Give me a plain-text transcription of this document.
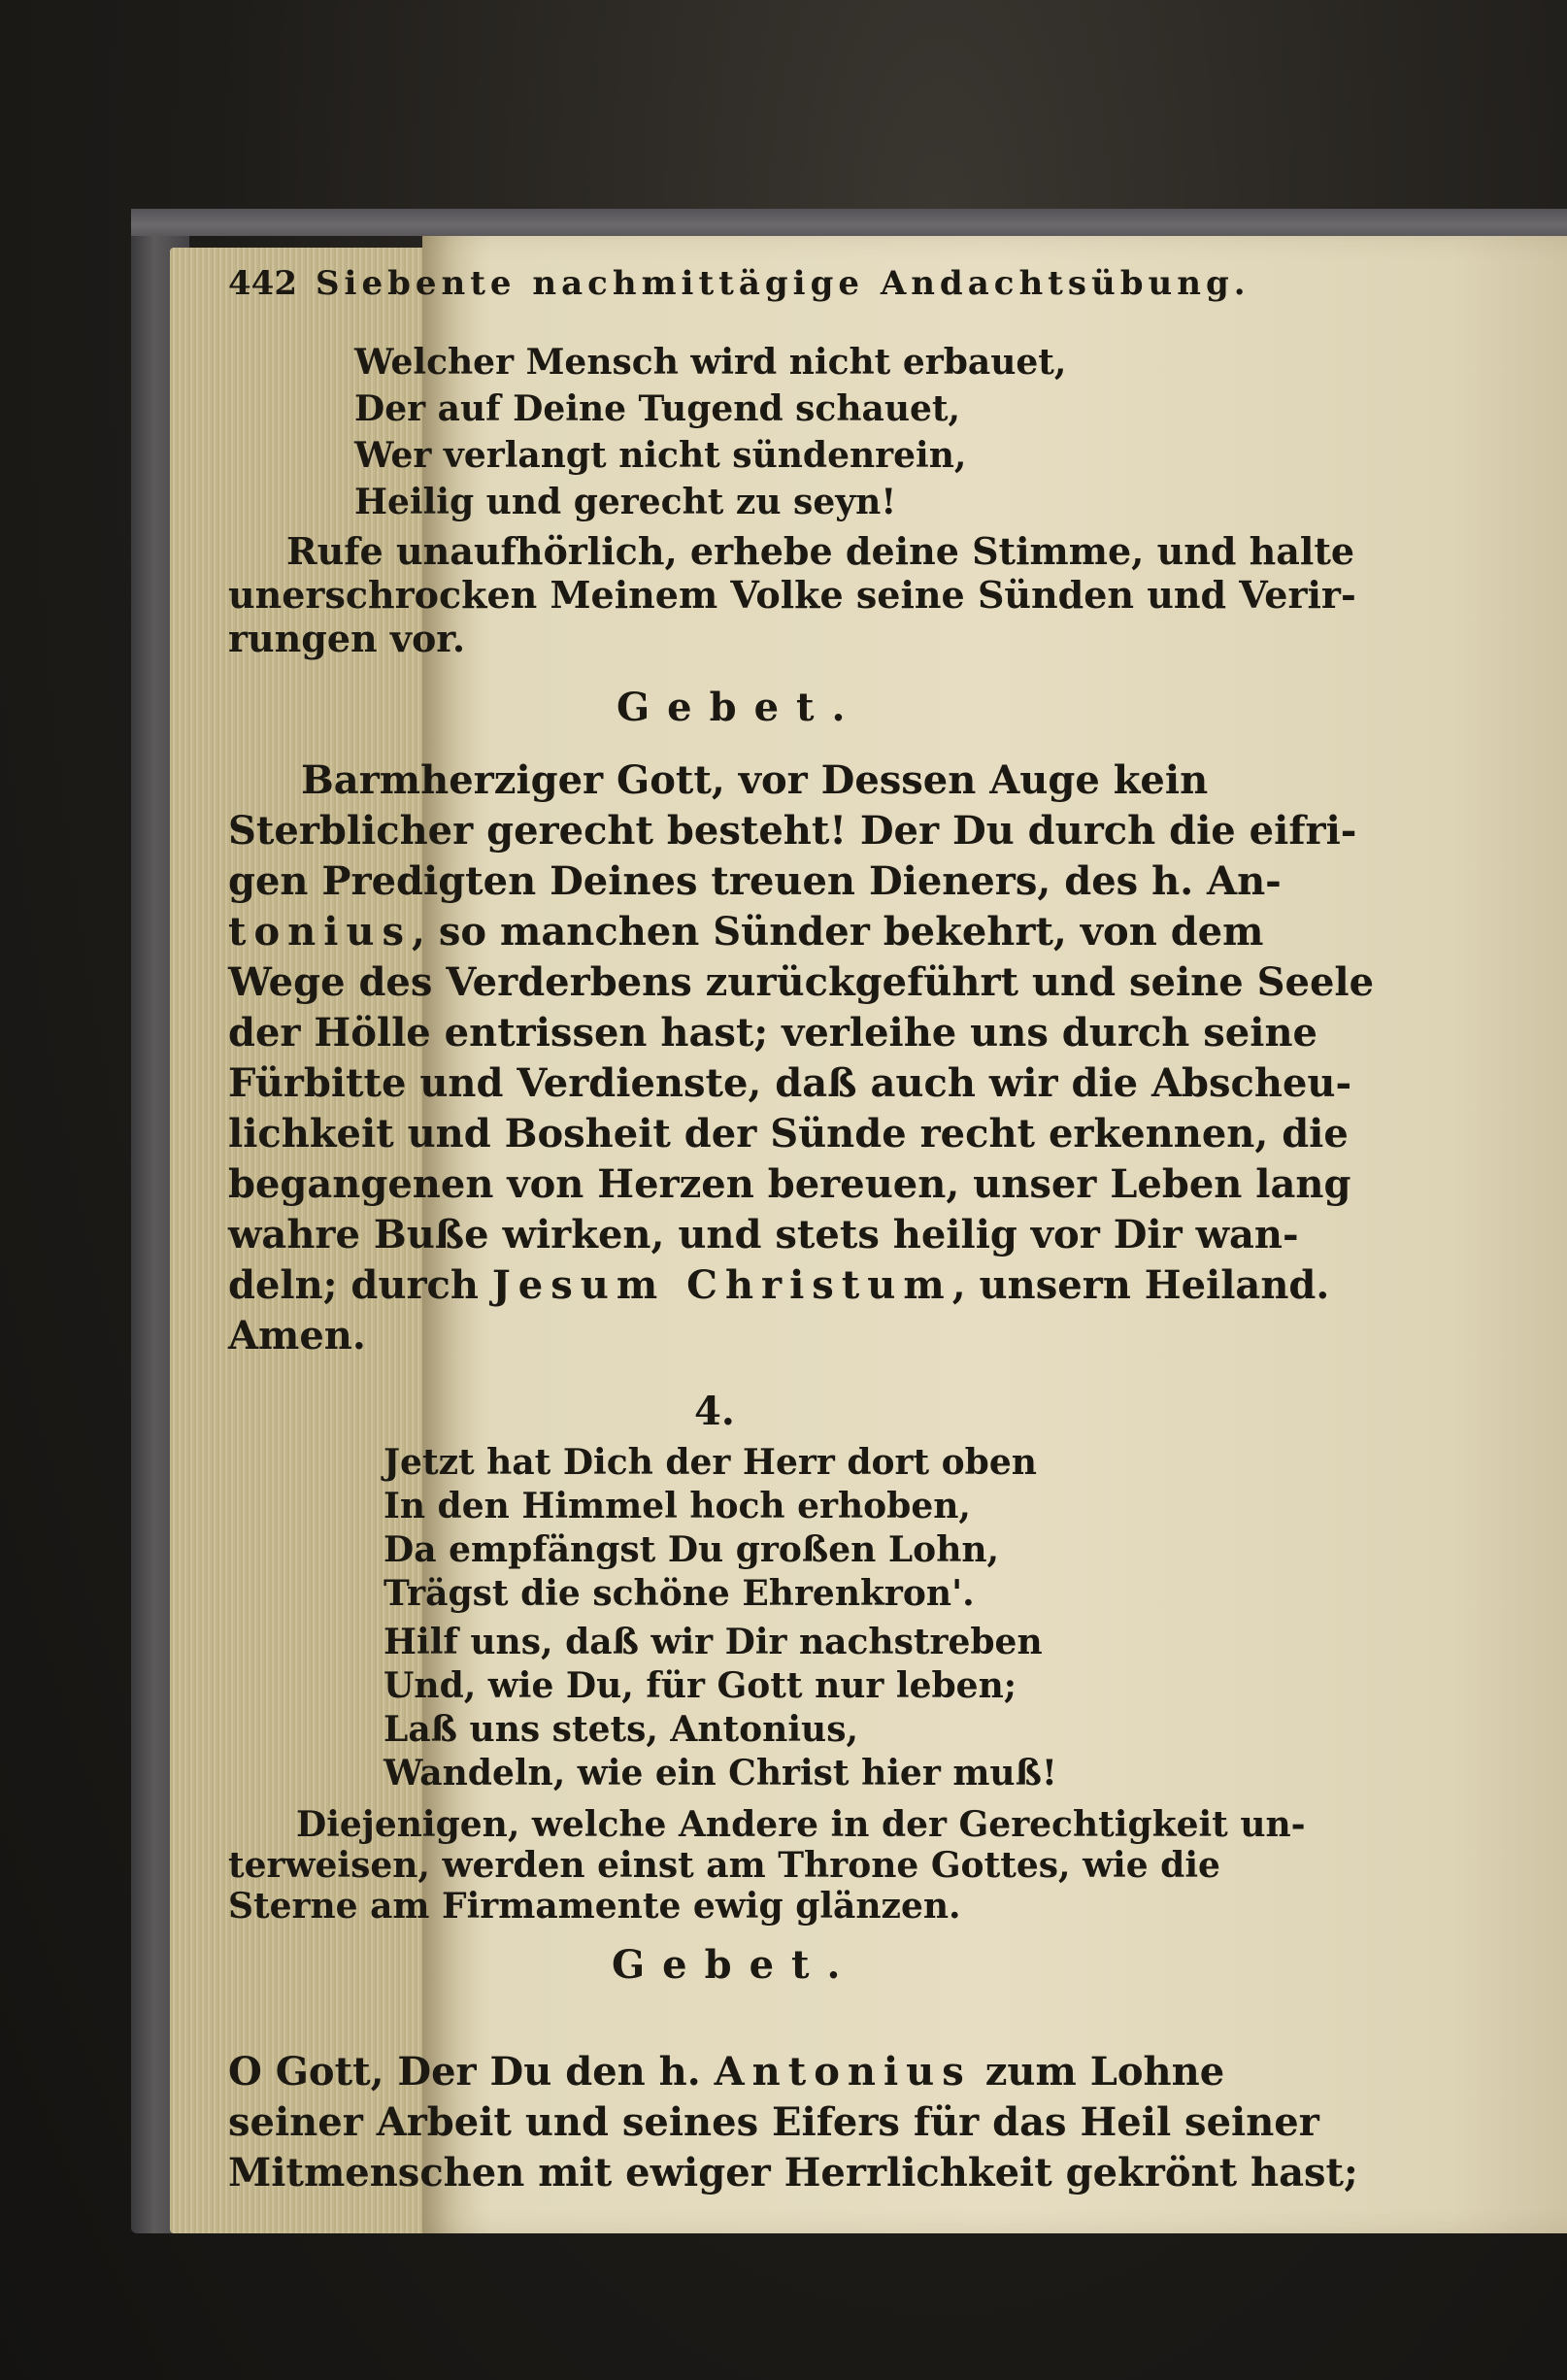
442 Siebente nachmittägige Andachtsübung.
Welcher Mensch wird nicht erbauet,
Der auf Deine Tugend schauet,
Wer verlangt nicht sündenrein,
Heilig und gerecht zu seyn!
Rufe unaufhörlich, erhebe deine Stimme, und halte
unerschrocken Meinem Volke seine Sünden und Verir-
rungen vor.
Gebet.
Barmherziger Gott, vor Dessen Auge kein
Sterblicher gerecht besteht! Der Du durch die eifri-
gen Predigten Deines treuen Dieners, des h. An-
tonius, so manchen Sünder bekehrt, von dem
Wege des Verderbens zurückgeführt und seine Seele
der Hölle entrissen hast; verleihe uns durch seine
Fürbitte und Verdienste, daß auch wir die Abscheu-
lichkeit und Bosheit der Sünde recht erkennen, die
begangenen von Herzen bereuen, unser Leben lang
wahre Buße wirken, und stets heilig vor Dir wan-
deln; durch Jesum Christum, unsern Heiland.
Amen.
4.
Jetzt hat Dich der Herr dort oben
In den Himmel hoch erhoben,
Da empfängst Du großen Lohn,
Trägst die schöne Ehrenkron'.
Hilf uns, daß wir Dir nachstreben
Und, wie Du, für Gott nur leben;
Laß uns stets, Antonius,
Wandeln, wie ein Christ hier muß!
Diejenigen, welche Andere in der Gerechtigkeit un-
terweisen, werden einst am Throne Gottes, wie die
Sterne am Firmamente ewig glänzen.
Gebet.
O Gott, Der Du den h. Antonius zum Lohne
seiner Arbeit und seines Eifers für das Heil seiner
Mitmenschen mit ewiger Herrlichkeit gekrönt hast;
